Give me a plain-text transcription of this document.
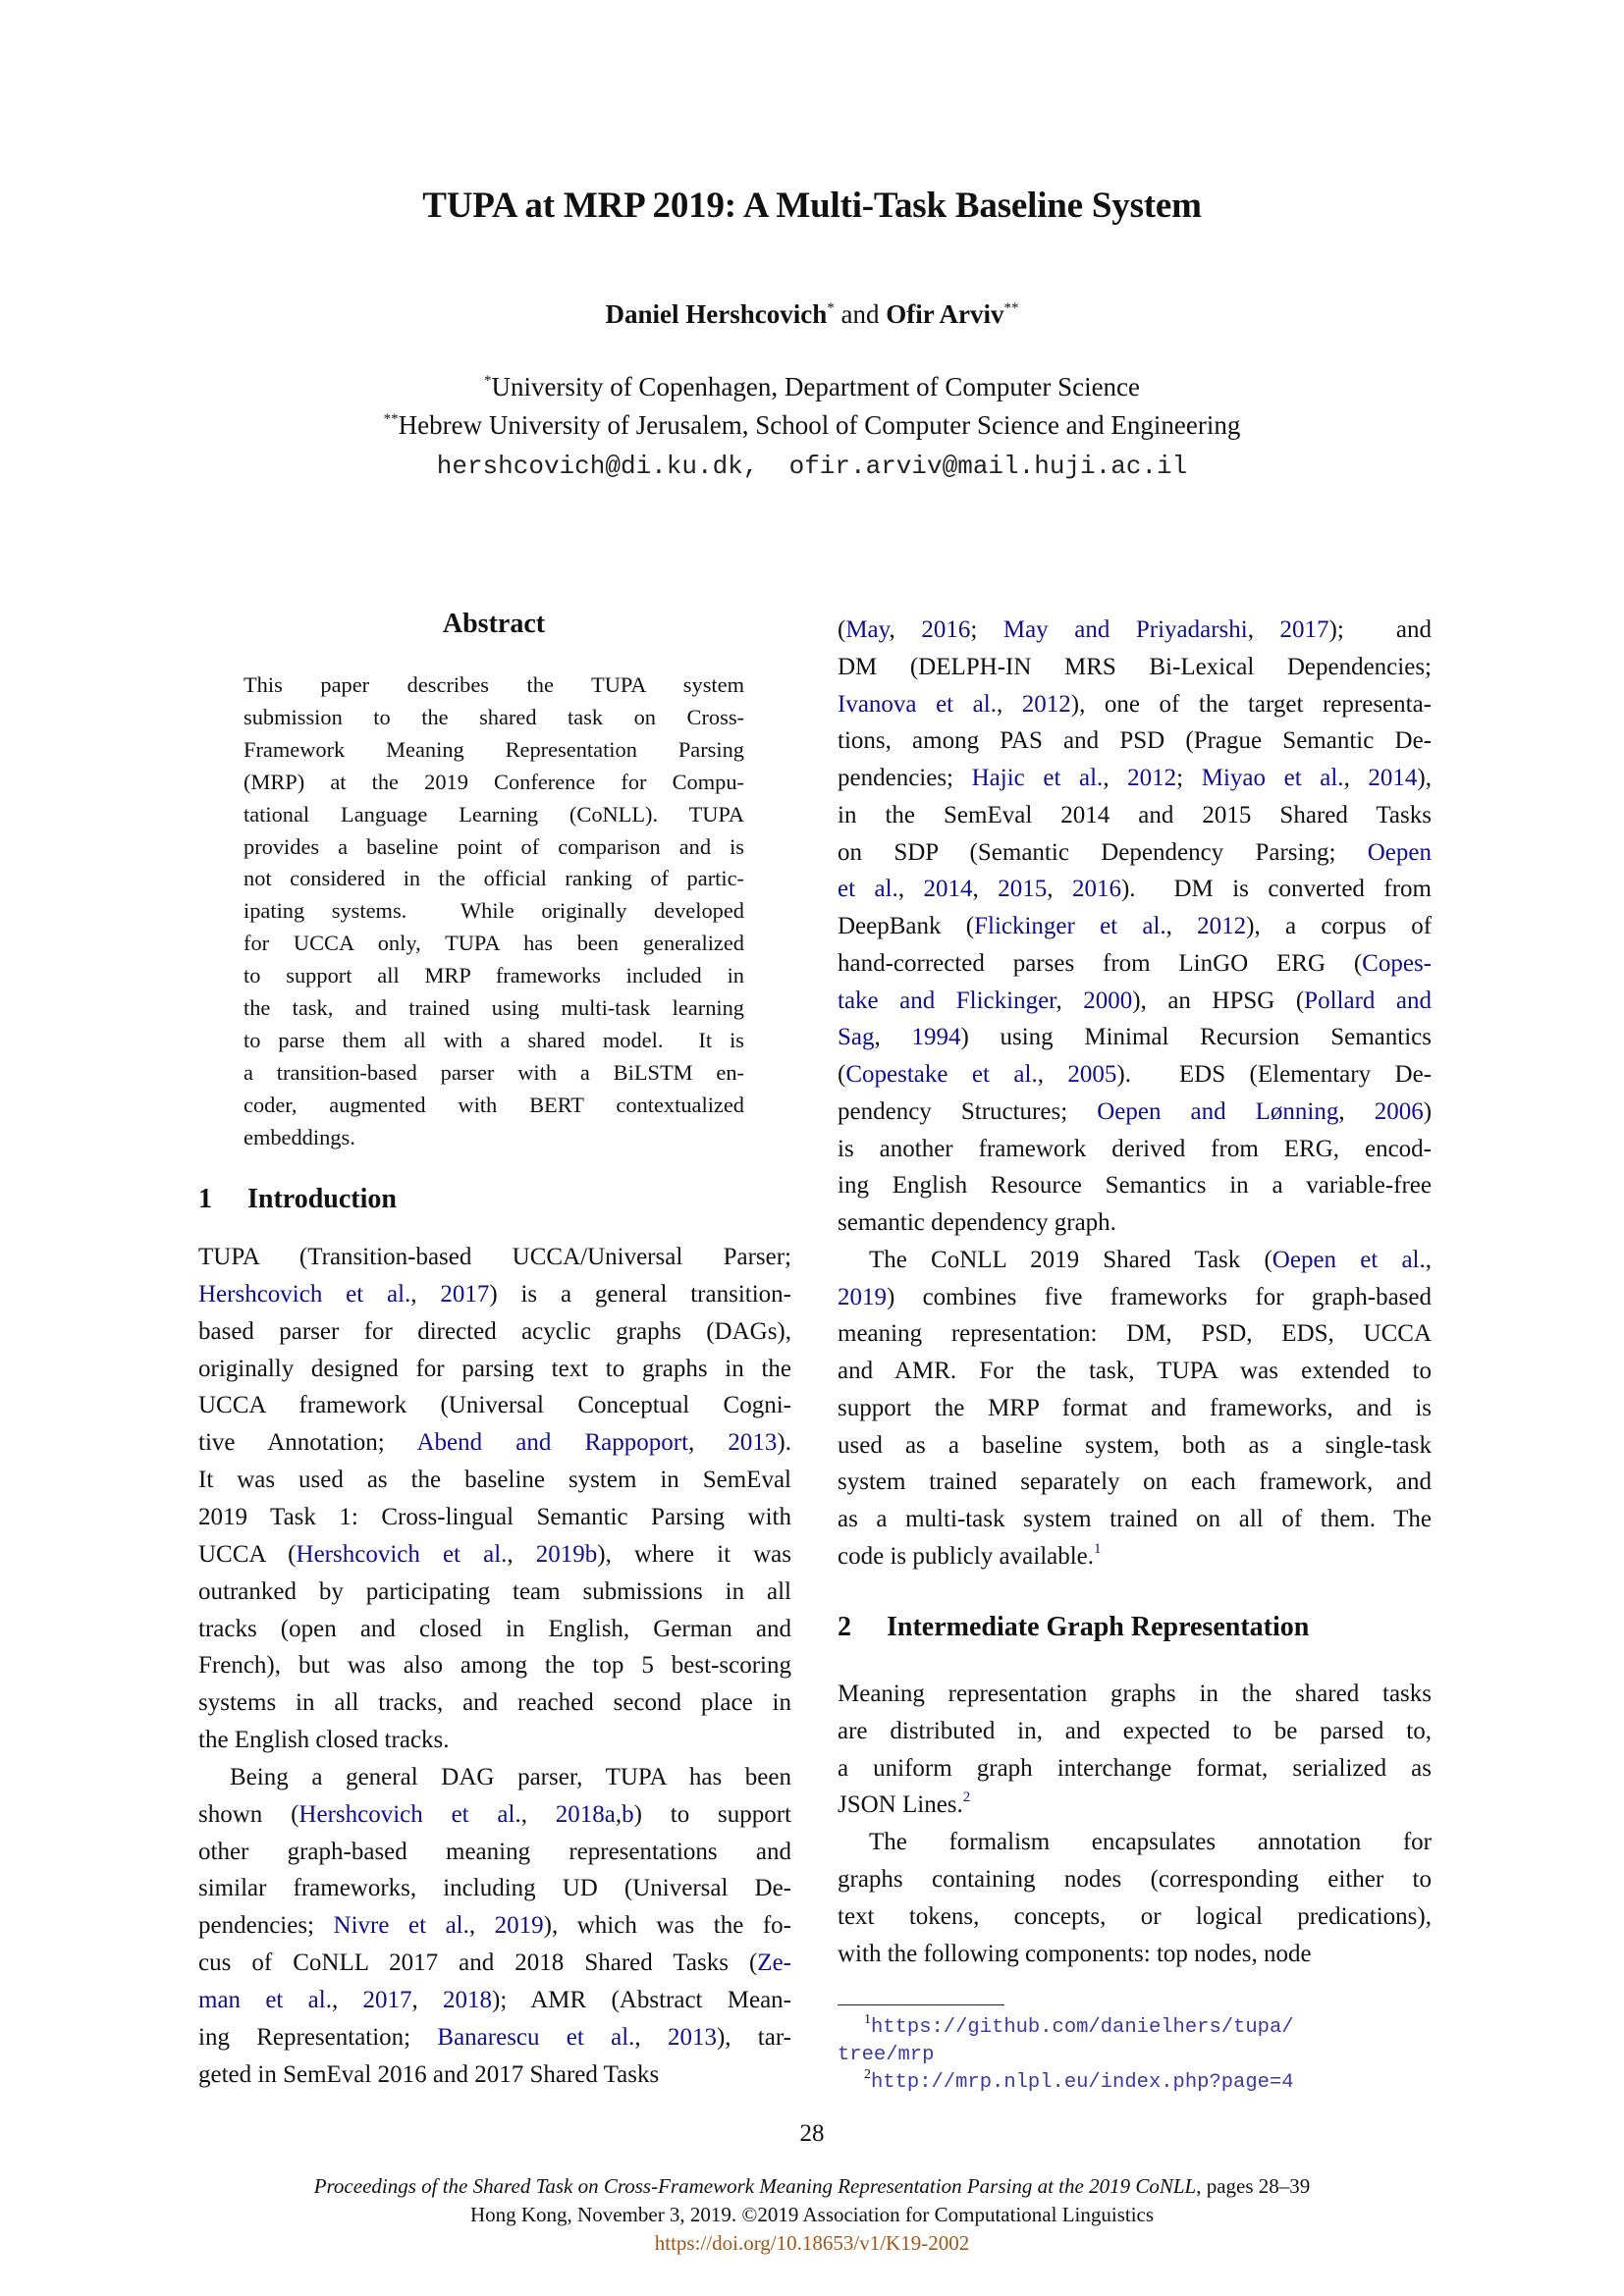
TUPA at MRP 2019: A Multi-Task Baseline System
Daniel Hershcovich* and Ofir Arviv**
*University of Copenhagen, Department of Computer Science
**Hebrew University of Jerusalem, School of Computer Science and Engineering
hershcovich@di.ku.dk,  ofir.arviv@mail.huji.ac.il
Abstract
This paper describes the TUPA system
submission to the shared task on Cross-
Framework Meaning Representation Parsing
(MRP) at the 2019 Conference for Compu-
tational Language Learning (CoNLL). TUPA
provides a baseline point of comparison and is
not considered in the official ranking of partic-
ipating systems.  While originally developed
for UCCA only, TUPA has been generalized
to support all MRP frameworks included in
the task, and trained using multi-task learning
to parse them all with a shared model.  It is
a transition-based parser with a BiLSTM en-
coder, augmented with BERT contextualized
embeddings.
1 Introduction
TUPA (Transition-based UCCA/Universal Parser;
Hershcovich et al., 2017) is a general transition-
based parser for directed acyclic graphs (DAGs),
originally designed for parsing text to graphs in the
UCCA framework (Universal Conceptual Cogni-
tive Annotation; Abend and Rappoport, 2013).
It was used as the baseline system in SemEval
2019 Task 1: Cross-lingual Semantic Parsing with
UCCA (Hershcovich et al., 2019b), where it was
outranked by participating team submissions in all
tracks (open and closed in English, German and
French), but was also among the top 5 best-scoring
systems in all tracks, and reached second place in
the English closed tracks.
Being a general DAG parser, TUPA has been
shown (Hershcovich et al., 2018a,b) to support
other graph-based meaning representations and
similar frameworks, including UD (Universal De-
pendencies; Nivre et al., 2019), which was the fo-
cus of CoNLL 2017 and 2018 Shared Tasks (Ze-
man et al., 2017, 2018); AMR (Abstract Mean-
ing Representation; Banarescu et al., 2013), tar-
geted in SemEval 2016 and 2017 Shared Tasks
(May, 2016; May and Priyadarshi, 2017);  and
DM (DELPH-IN MRS Bi-Lexical Dependencies;
Ivanova et al., 2012), one of the target representa-
tions, among PAS and PSD (Prague Semantic De-
pendencies; Hajic et al., 2012; Miyao et al., 2014),
in the SemEval 2014 and 2015 Shared Tasks
on SDP (Semantic Dependency Parsing; Oepen
et al., 2014, 2015, 2016).  DM is converted from
DeepBank (Flickinger et al., 2012), a corpus of
hand-corrected parses from LinGO ERG (Copes-
take and Flickinger, 2000), an HPSG (Pollard and
Sag, 1994) using Minimal Recursion Semantics
(Copestake et al., 2005).  EDS (Elementary De-
pendency Structures; Oepen and Lønning, 2006)
is another framework derived from ERG, encod-
ing English Resource Semantics in a variable-free
semantic dependency graph.
The CoNLL 2019 Shared Task (Oepen et al.,
2019) combines five frameworks for graph-based
meaning representation: DM, PSD, EDS, UCCA
and AMR. For the task, TUPA was extended to
support the MRP format and frameworks, and is
used as a baseline system, both as a single-task
system trained separately on each framework, and
as a multi-task system trained on all of them. The
code is publicly available.$^1$
2 Intermediate Graph Representation
Meaning representation graphs in the shared tasks
are distributed in, and expected to be parsed to,
a uniform graph interchange format, serialized as
JSON Lines.$^2$
The formalism encapsulates annotation for
graphs containing nodes (corresponding either to
text tokens, concepts, or logical predications),
with the following components: top nodes, node
$^1$https://github.com/danielhers/tupa/
tree/mrp
$^2$http://mrp.nlpl.eu/index.php?page=4
28
Proceedings of the Shared Task on Cross-Framework Meaning Representation Parsing at the 2019 CoNLL, pages 28–39
Hong Kong, November 3, 2019. ©2019 Association for Computational Linguistics
https://doi.org/10.18653/v1/K19-2002
